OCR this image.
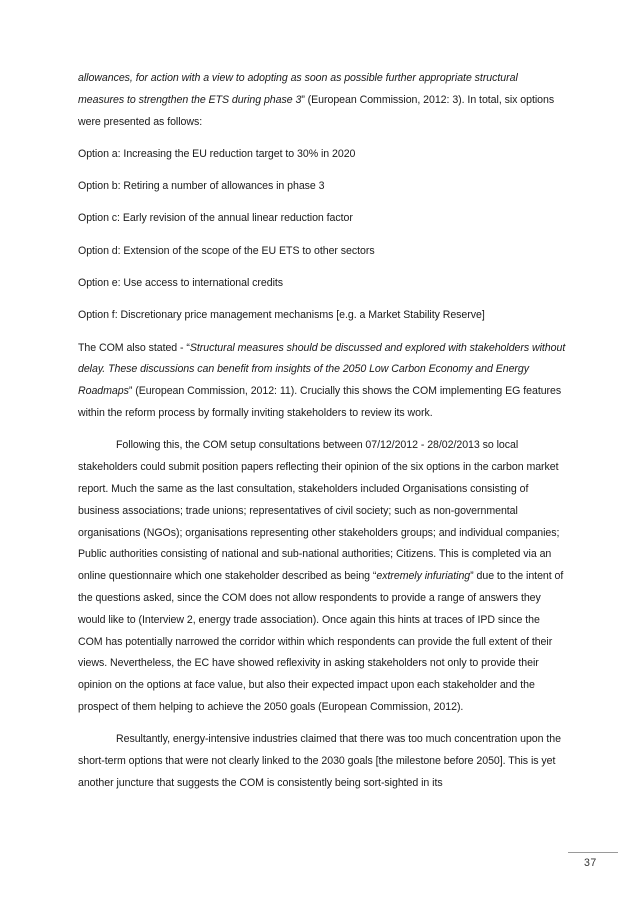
allowances, for action with a view to adopting as soon as possible further appropriate structural measures to strengthen the ETS during phase 3” (European Commission, 2012: 3). In total, six options were presented as follows:

Option a: Increasing the EU reduction target to 30% in 2020

Option b: Retiring a number of allowances in phase 3

Option c: Early revision of the annual linear reduction factor

Option d: Extension of the scope of the EU ETS to other sectors

Option e: Use access to international credits

Option f: Discretionary price management mechanisms [e.g. a Market Stability Reserve]

The COM also stated - “Structural measures should be discussed and explored with stakeholders without delay. These discussions can benefit from insights of the 2050 Low Carbon Economy and Energy Roadmaps” (European Commission, 2012: 11). Crucially this shows the COM implementing EG features within the reform process by formally inviting stakeholders to review its work.

Following this, the COM setup consultations between 07/12/2012 - 28/02/2013 so local stakeholders could submit position papers reflecting their opinion of the six options in the carbon market report. Much the same as the last consultation, stakeholders included Organisations consisting of business associations; trade unions; representatives of civil society; such as non-governmental organisations (NGOs); organisations representing other stakeholders groups; and individual companies; Public authorities consisting of national and sub-national authorities; Citizens. This is completed via an online questionnaire which one stakeholder described as being “extremely infuriating” due to the intent of the questions asked, since the COM does not allow respondents to provide a range of answers they would like to (Interview 2, energy trade association). Once again this hints at traces of IPD since the COM has potentially narrowed the corridor within which respondents can provide the full extent of their views. Nevertheless, the EC have showed reflexivity in asking stakeholders not only to provide their opinion on the options at face value, but also their expected impact upon each stakeholder and the prospect of them helping to achieve the 2050 goals (European Commission, 2012).

Resultantly, energy-intensive industries claimed that there was too much concentration upon the short-term options that were not clearly linked to the 2030 goals [the milestone before 2050]. This is yet another juncture that suggests the COM is consistently being sort-sighted in its

37
